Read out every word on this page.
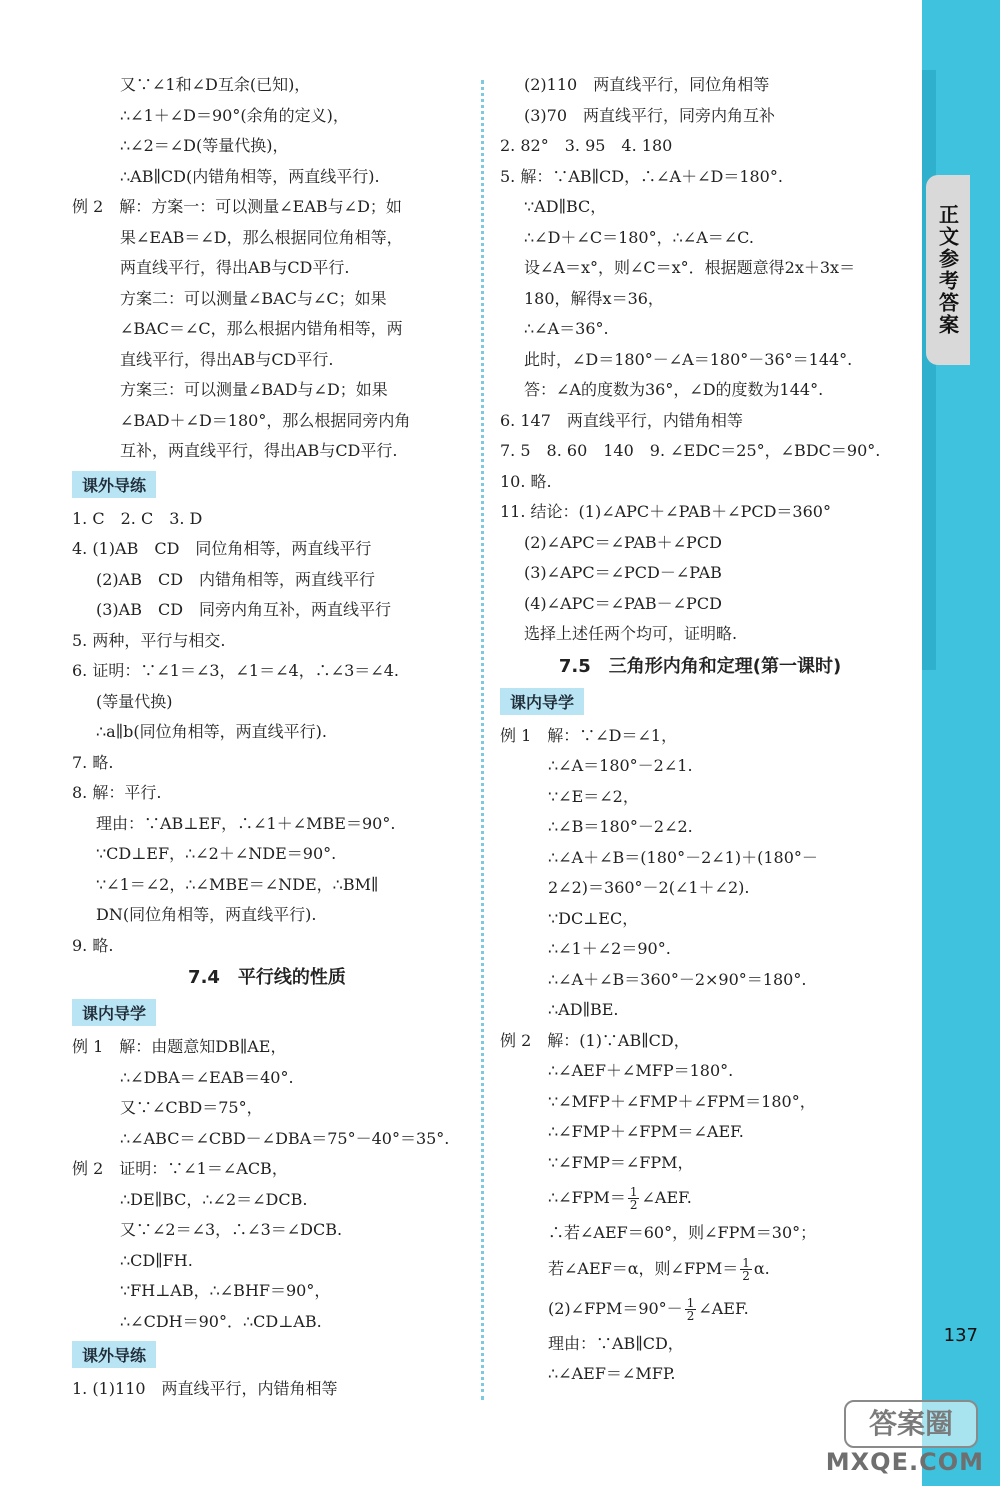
正文参考答案
又∵∠1和∠D互余(已知)，
∴∠1＋∠D＝90°(余角的定义)，
∴∠2＝∠D(等量代换)，
∴AB∥CD(内错角相等，两直线平行).
例 2　解：方案一：可以测量∠EAB与∠D；如
果∠EAB＝∠D，那么根据同位角相等，
两直线平行，得出AB与CD平行.
方案二：可以测量∠BAC与∠C；如果
∠BAC＝∠C，那么根据内错角相等，两
直线平行，得出AB与CD平行.
方案三：可以测量∠BAD与∠D；如果
∠BAD＋∠D＝180°，那么根据同旁内角
互补，两直线平行，得出AB与CD平行.
课外导练
1. C　2. C　3. D
4. (1)AB　CD　同位角相等，两直线平行
(2)AB　CD　内错角相等，两直线平行
(3)AB　CD　同旁内角互补，两直线平行
5. 两种，平行与相交.
6. 证明：∵∠1＝∠3，∠1＝∠4，∴∠3＝∠4.
(等量代换)
∴a∥b(同位角相等，两直线平行).
7. 略.
8. 解：平行.
理由：∵AB⊥EF，∴∠1＋∠MBE＝90°.
∵CD⊥EF，∴∠2＋∠NDE＝90°.
∵∠1＝∠2，∴∠MBE＝∠NDE，∴BM∥
DN(同位角相等，两直线平行).
9. 略.
7.4　平行线的性质
课内导学
例 1　解：由题意知DB∥AE，
∴∠DBA＝∠EAB＝40°.
又∵∠CBD＝75°，
∴∠ABC＝∠CBD－∠DBA＝75°－40°＝35°.
例 2　证明：∵∠1＝∠ACB，
∴DE∥BC，∴∠2＝∠DCB.
又∵∠2＝∠3，∴∠3＝∠DCB.
∴CD∥FH.
∵FH⊥AB，∴∠BHF＝90°，
∴∠CDH＝90°．∴CD⊥AB.
课外导练
1. (1)110　两直线平行，内错角相等
(2)110　两直线平行，同位角相等
(3)70　两直线平行，同旁内角互补
2. 82°　3. 95　4. 180
5. 解：∵AB∥CD，∴∠A＋∠D＝180°.
∵AD∥BC，
∴∠D＋∠C＝180°，∴∠A＝∠C.
设∠A＝x°，则∠C＝x°．根据题意得2x＋3x＝
180，解得x＝36，
∴∠A＝36°.
此时，∠D＝180°－∠A＝180°－36°＝144°.
答：∠A的度数为36°，∠D的度数为144°.
6. 147　两直线平行，内错角相等
7. 5　8. 60　140　9. ∠EDC＝25°，∠BDC＝90°.
10. 略.
11. 结论：(1)∠APC＋∠PAB＋∠PCD＝360°
(2)∠APC＝∠PAB＋∠PCD
(3)∠APC＝∠PCD－∠PAB
(4)∠APC＝∠PAB－∠PCD
选择上述任两个均可，证明略.
7.5　三角形内角和定理(第一课时)
课内导学
例 1　解：∵∠D＝∠1，
∴∠A＝180°－2∠1.
∵∠E＝∠2，
∴∠B＝180°－2∠2.
∴∠A＋∠B＝(180°－2∠1)＋(180°－
2∠2)＝360°－2(∠1＋∠2).
∵DC⊥EC，
∴∠1＋∠2＝90°.
∴∠A＋∠B＝360°－2×90°＝180°.
∴AD∥BE.
例 2　解：(1)∵AB∥CD，
∴∠AEF＋∠MFP＝180°.
∵∠MFP＋∠FMP＋∠FPM＝180°，
∴∠FMP＋∠FPM＝∠AEF.
∵∠FMP＝∠FPM，
∴∠FPM＝ $\frac{1}{2}$ ∠AEF.
∴若∠AEF＝60°，则∠FPM＝30°；
若∠AEF＝α，则∠FPM＝ $\frac{1}{2} \alpha$.
(2)∠FPM＝90°－ $\frac{1}{2}$ ∠AEF.
理由：∵AB∥CD，
∴∠AEF＝∠MFP.
137
答案圈
MXQE.COM
